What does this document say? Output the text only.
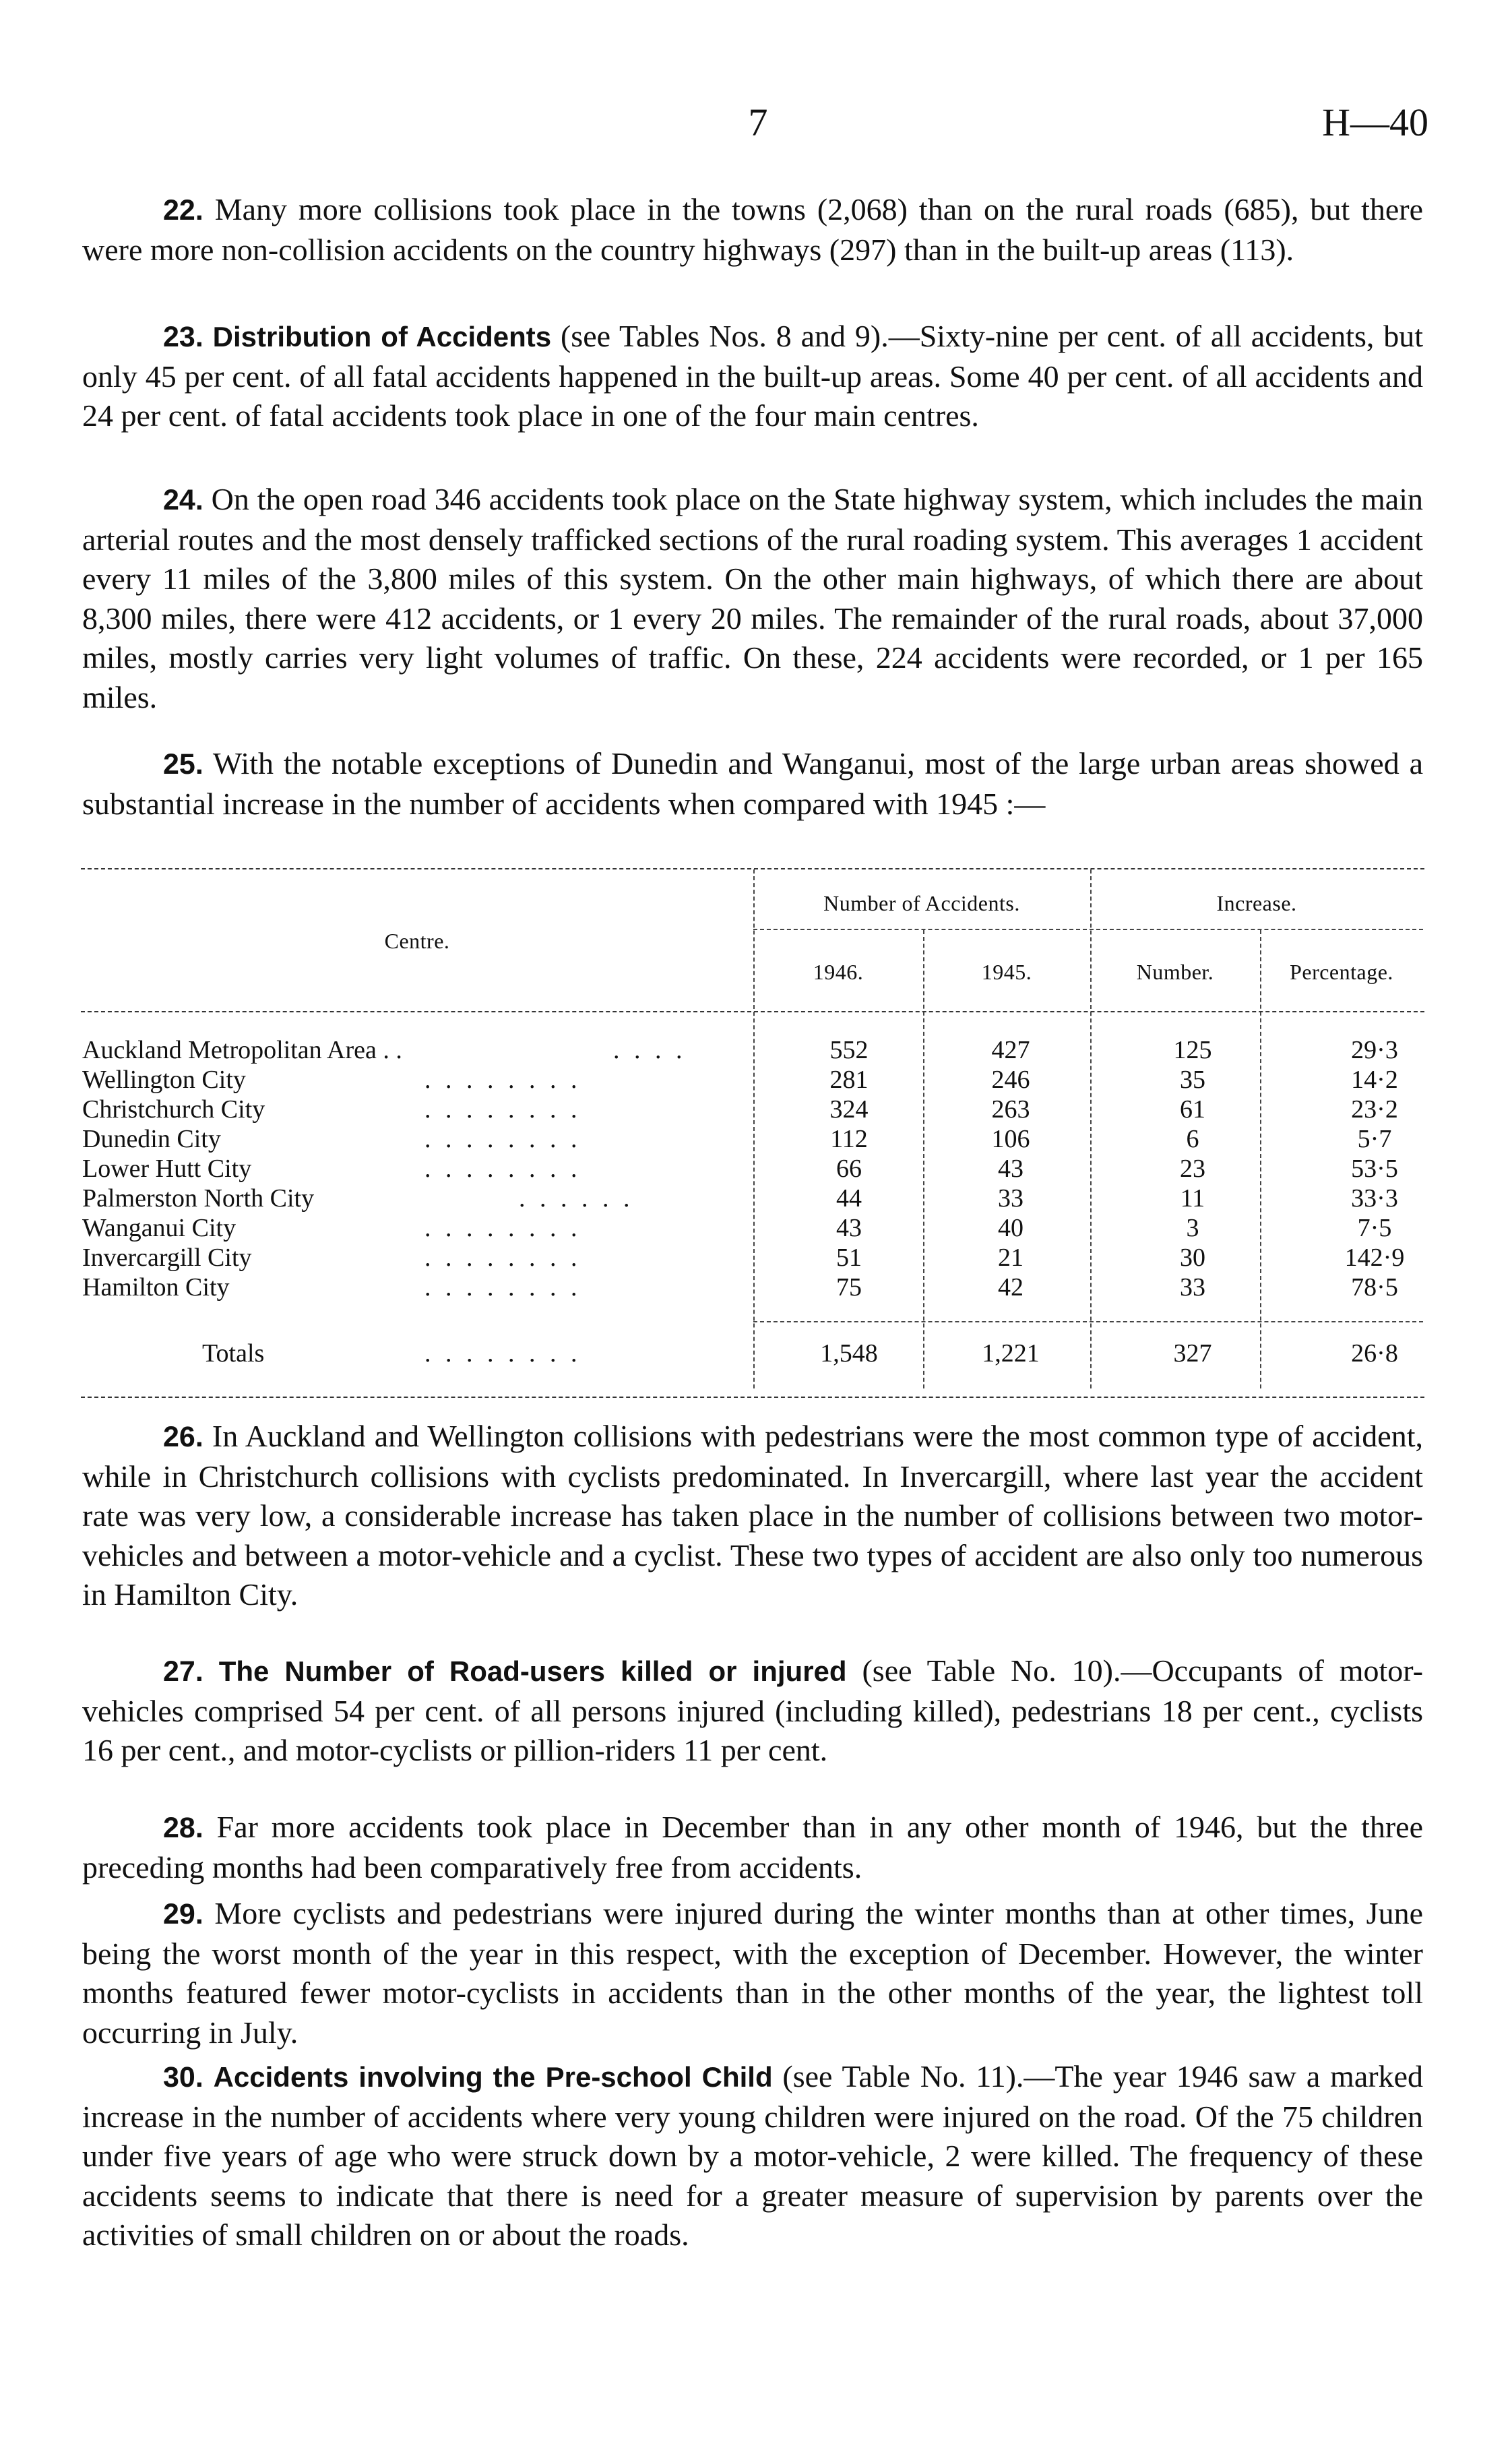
7	H—40

22. Many more collisions took place in the towns (2,068) than on the rural roads (685), but there were more non-collision accidents on the country highways (297) than in the built-up areas (113).

23. Distribution of Accidents (see Tables Nos. 8 and 9).—Sixty-nine per cent. of all accidents, but only 45 per cent. of all fatal accidents happened in the built-up areas. Some 40 per cent. of all accidents and 24 per cent. of fatal accidents took place in one of the four main centres.

24. On the open road 346 accidents took place on the State highway system, which includes the main arterial routes and the most densely trafficked sections of the rural roading system. This averages 1 accident every 11 miles of the 3,800 miles of this system. On the other main highways, of which there are about 8,300 miles, there were 412 accidents, or 1 every 20 miles. The remainder of the rural roads, about 37,000 miles, mostly carries very light volumes of traffic. On these, 224 accidents were recorded, or 1 per 165 miles.

25. With the notable exceptions of Dunedin and Wanganui, most of the large urban areas showed a substantial increase in the number of accidents when compared with 1945 :—

Centre.
Number of Accidents.	Increase.
1946.	1945.	Number.	Percentage.
Auckland Metropolitan Area . .	. . . .	552	427	125	29·3
Wellington City	. . . . . . . .	281	246	35	14·2
Christchurch City	. . . . . . . .	324	263	61	23·2
Dunedin City	. . . . . . . .	112	106	6	5·7
Lower Hutt City	. . . . . . . .	66	43	23	53·5
Palmerston North City	. . . . . .	44	33	11	33·3
Wanganui City	. . . . . . . .	43	40	3	7·5
Invercargill City	. . . . . . . .	51	21	30	142·9
Hamilton City	. . . . . . . .	75	42	33	78·5
Totals	. . . . . . . .	1,548	1,221	327	26·8

26. In Auckland and Wellington collisions with pedestrians were the most common type of accident, while in Christchurch collisions with cyclists predominated. In Invercargill, where last year the accident rate was very low, a considerable increase has taken place in the number of collisions between two motor-vehicles and between a motor-vehicle and a cyclist. These two types of accident are also only too numerous in Hamilton City.

27. The Number of Road-users killed or injured (see Table No. 10).—Occupants of motor-vehicles comprised 54 per cent. of all persons injured (including killed), pedestrians 18 per cent., cyclists 16 per cent., and motor-cyclists or pillion-riders 11 per cent.

28. Far more accidents took place in December than in any other month of 1946, but the three preceding months had been comparatively free from accidents.

29. More cyclists and pedestrians were injured during the winter months than at other times, June being the worst month of the year in this respect, with the exception of December. However, the winter months featured fewer motor-cyclists in accidents than in the other months of the year, the lightest toll occurring in July.

30. Accidents involving the Pre-school Child (see Table No. 11).—The year 1946 saw a marked increase in the number of accidents where very young children were injured on the road. Of the 75 children under five years of age who were struck down by a motor-vehicle, 2 were killed. The frequency of these accidents seems to indicate that there is need for a greater measure of supervision by parents over the activities of small children on or about the roads.
